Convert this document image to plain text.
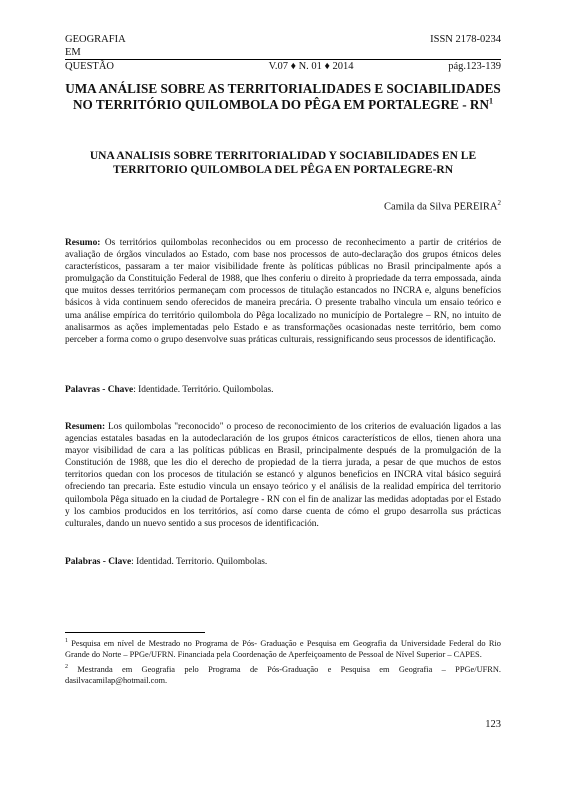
GEOGRAFIA	ISSN 2178-0234
EM
QUESTÃO	V.07 ♦ N. 01 ♦ 2014	pág.123-139
UMA ANÁLISE SOBRE AS TERRITORIALIDADES E SOCIABILIDADES NO TERRITÓRIO QUILOMBOLA DO PÊGA EM PORTALEGRE - $RN^1$
UNA ANALISIS SOBRE TERRITORIALIDAD Y SOCIABILIDADES EN LE TERRITORIO QUILOMBOLA DEL PÊGA EN PORTALEGRE-RN
Camila da Silva PEREIRA$^2$
Resumo: Os territórios quilombolas reconhecidos ou em processo de reconhecimento a partir de critérios de avaliação de órgãos vinculados ao Estado, com base nos processos de auto-declaração dos grupos étnicos deles característicos, passaram a ter maior visibilidade frente às políticas públicas no Brasil principalmente após a promulgação da Constituição Federal de 1988, que lhes conferiu o direito à propriedade da terra empossada, ainda que muitos desses territórios permaneçam com processos de titulação estancados no INCRA e, alguns benefícios básicos à vida continuem sendo oferecidos de maneira precária. O presente trabalho vincula um ensaio teórico e uma análise empírica do território quilombola do Pêga localizado no município de Portalegre – RN, no intuito de analisarmos as ações implementadas pelo Estado e as transformações ocasionadas neste território, bem como perceber a forma como o grupo desenvolve suas práticas culturais, ressignificando seus processos de identificação.
Palavras - Chave: Identidade. Território. Quilombolas.
Resumen: Los quilombolas "reconocido" o proceso de reconocimiento de los criterios de evaluación ligados a las agencias estatales basadas en la autodeclaración de los grupos étnicos característicos de ellos, tienen ahora una mayor visibilidad de cara a las políticas públicas en Brasil, principalmente después de la promulgación de la Constitución de 1988, que les dio el derecho de propiedad de la tierra jurada, a pesar de que muchos de estos territorios quedan con los procesos de titulación se estancó y algunos beneficios en INCRA vital básico seguirá ofreciendo tan precaria. Este estudio vincula un ensayo teórico y el análisis de la realidad empírica del territorio quilombola Pêga situado en la ciudad de Portalegre - RN con el fin de analizar las medidas adoptadas por el Estado y los cambios producidos en los territórios, así como darse cuenta de cómo el grupo desarrolla sus prácticas culturales, dando un nuevo sentido a sus procesos de identificación.
Palabras - Clave: Identidad. Territorio. Quilombolas.

$^1$ Pesquisa em nível de Mestrado no Programa de Pós- Graduação e Pesquisa em Geografia da Universidade Federal do Rio Grande do Norte – PPGe/UFRN. Financiada pela Coordenação de Aperfeiçoamento de Pessoal de Nível Superior – CAPES.

$^2$ Mestranda em Geografia pelo Programa de Pós-Graduação e Pesquisa em Geografia – PPGe/UFRN. dasilvacamilap@hotmail.com.

123
